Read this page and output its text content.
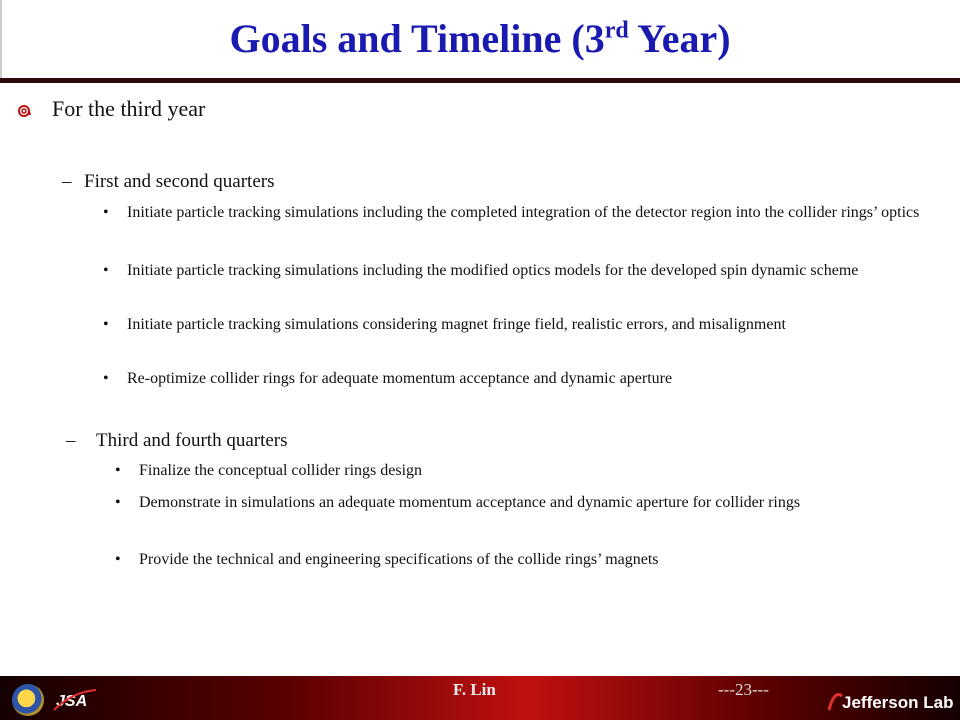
Goals and Timeline (3rd Year)
For the third year
– First and second quarters
• Initiate particle tracking simulations including the completed integration of the detector region into the collider rings’ optics
• Initiate particle tracking simulations including the modified optics models for the developed spin dynamic scheme
• Initiate particle tracking simulations considering magnet fringe field, realistic errors, and misalignment
• Re-optimize collider rings for adequate momentum acceptance and dynamic aperture
– Third and fourth quarters
• Finalize the conceptual collider rings design
• Demonstrate in simulations an adequate momentum acceptance and dynamic aperture for collider rings
• Provide the technical and engineering specifications of the collide rings’ magnets
JSA
F. Lin	---23---
Jefferson Lab
